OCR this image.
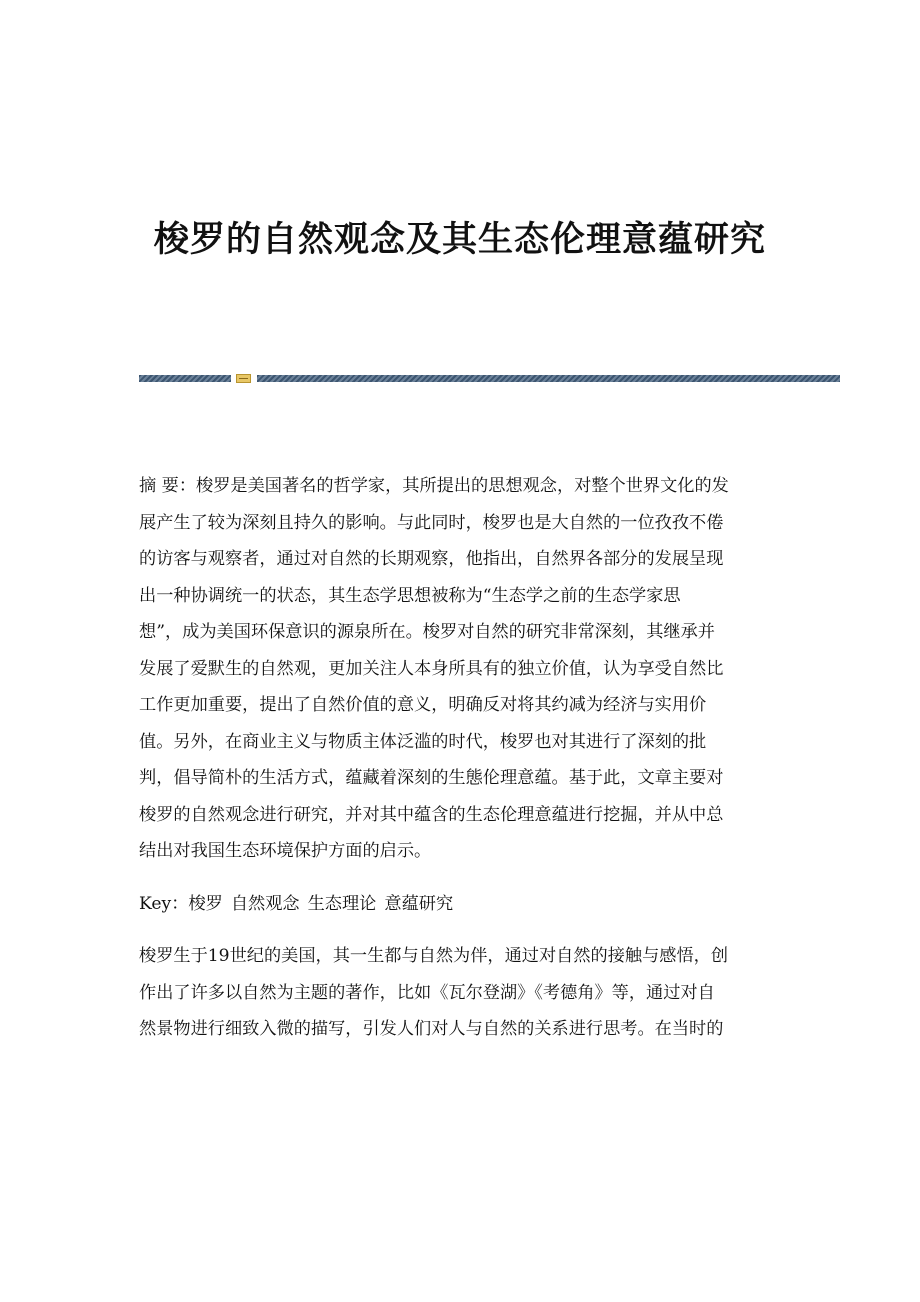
梭罗的自然观念及其生态伦理意蕴研究
摘 要：梭罗是美国著名的哲学家，其所提出的思想观念，对整个世界文化的发
展产生了较为深刻且持久的影响。与此同时，梭罗也是大自然的一位孜孜不倦
的访客与观察者，通过对自然的长期观察，他指出，自然界各部分的发展呈现
出一种协调统一的状态，其生态学思想被称为“生态学之前的生态学家思
想”，成为美国环保意识的源泉所在。梭罗对自然的研究非常深刻，其继承并
发展了爱默生的自然观，更加关注人本身所具有的独立价值，认为享受自然比
工作更加重要，提出了自然价值的意义，明确反对将其约减为经济与实用价
值。另外，在商业主义与物质主体泛滥的时代，梭罗也对其进行了深刻的批
判，倡导简朴的生活方式，蕴藏着深刻的生態伦理意蕴。基于此，文章主要对
梭罗的自然观念进行研究，并对其中蕴含的生态伦理意蕴进行挖掘，并从中总
结出对我国生态环境保护方面的启示。
Key：梭罗 自然观念 生态理论 意蕴研究
梭罗生于19世纪的美国，其一生都与自然为伴，通过对自然的接触与感悟，创
作出了许多以自然为主题的著作，比如《瓦尔登湖》《考德角》等，通过对自
然景物进行细致入微的描写，引发人们对人与自然的关系进行思考。在当时的
